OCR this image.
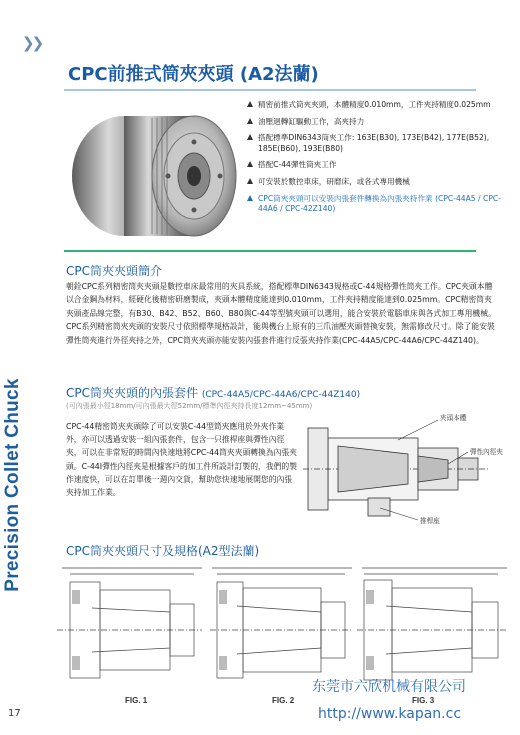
❯❯
Precision Collet Chuck
17
CPC前推式筒夾夾頭 (A2法蘭)
精密前推式筒夾夾頭，本體精度0.010mm，工件夾持精度0.025mm
油壓迴轉缸驅動工作，高夾持力
搭配標準DIN6343筒夾工作: 163E(B30), 173E(B42), 177E(B52), 185E(B60), 193E(B80)
搭配C-44彈性筒夾工作
可安裝於數控車床，研磨床，或各式專用機械
CPC筒夾夾頭可以安裝內張套件轉換為內張夾持作業 (CPC-44A5 / CPC-44A6 / CPC-42Z140)
CPC筒夾夾頭簡介
朝銓CPC系列精密筒夾夾頭是數控車床最常用的夾具系統，搭配標準DIN6343規格或C-44規格彈性筒夾工作。CPC夾頭本體以合金鋼為材料，經硬化後精密研磨製成，夾頭本體精度能達到0.010mm，工件夾持精度能達到0.025mm。CPC精密筒夾夾頭產品線完整，有B30、B42、B52、B60、B80與C-44等型號夾頭可以選用，能合安裝於電腦車床與各式加工專用機械。CPC系列精密筒夾夾頭的安裝尺寸依照標準規格設計，能與機台上原有的三爪油壓夾頭替換安裝，無需修改尺寸。除了能安裝彈性筒夾進行外徑夾持之外，CPC筒夾夾頭亦能安裝內張套件進行反張夾持作業(CPC-44A5/CPC-44A6/CPC-44Z140)。
CPC筒夾夾頭的內張套件 (CPC-44A5/CPC-44A6/CPC-44Z140)
(可內張最小徑18mm/可內張最大徑52mm/標準內徑夾持長度12mm~45mm)
CPC-44精密筒夾夾頭除了可以安裝C-44型筒夾應用於外夾作業外，亦可以透過安裝一組內張套件，包含一只推桿座與彈性內徑夾，可以在非常短的時間內快速地將CPC-44筒夾夾頭轉換為內張夾頭。C-44I彈性內徑夾是根據客戶的加工件所設計訂製的，我們的製作速度快，可以在訂單後一週內交貨，幫助您快速地展開您的內張夾持加工作業。
夾頭本體
彈性內徑夾
推桿座
CPC筒夾夾頭尺寸及規格(A2型法蘭)
FIG. 1	FIG. 2	FIG. 3
东莞市六欣机械有限公司
http://www.kapan.cc
